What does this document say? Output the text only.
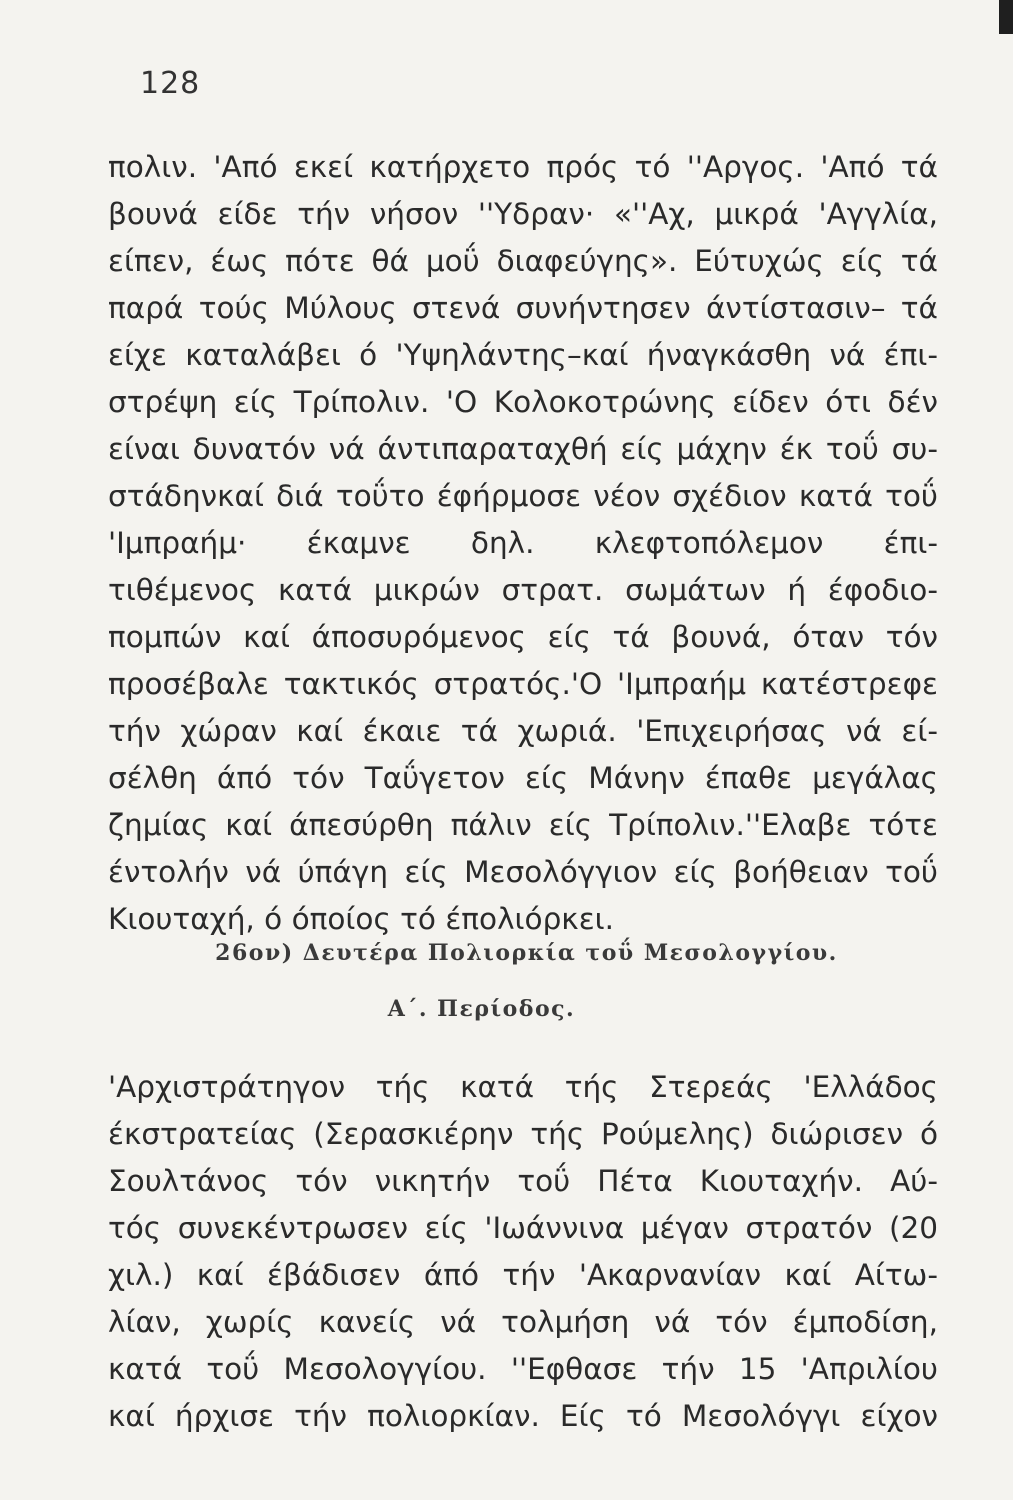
128
πολιν. 'Από εκεί κατήρχετο πρός τό ''Αργος. 'Από τά
βουνά είδε τήν νήσον ''Υδραν· «''Αχ, μικρά 'Αγγλία,
είπεν, έως πότε θά μοΰ διαφεύγης». Εύτυχώς είς τά
παρά τούς Μύλους στενά συνήντησεν άντίστασιν– τά
είχε καταλάβει ό 'Υψηλάντης–καί ήναγκάσθη νά έπι-
στρέψη είς Τρίπολιν. 'Ο Κολοκοτρώνης είδεν ότι δέν
είναι δυνατόν νά άντιπαραταχθή είς μάχην έκ τοΰ συ-
στάδηνκαί διά τοΰτο έφήρμοσε νέον σχέδιον κατά τοΰ
'Ιμπραήμ· έκαμνε δηλ. κλεφτοπόλεμον έπι-
τιθέμενος κατά μικρών στρατ. σωμάτων ή έφοδιο-
πομπών καί άποσυρόμενος είς τά βουνά, όταν τόν
προσέβαλε τακτικός στρατός.'Ο 'Ιμπραήμ κατέστρεφε
τήν χώραν καί έκαιε τά χωριά. 'Επιχειρήσας νά εί-
σέλθη άπό τόν Ταΰγετον είς Μάνην έπαθε μεγάλας
ζημίας καί άπεσύρθη πάλιν είς Τρίπολιν.''Ελαβε τότε
έντολήν νά ύπάγη είς Μεσολόγγιον είς βοήθειαν τοΰ
Κιουταχή, ό όποίος τό έπολιόρκει.
26ον) Δευτέρα Πολιορκία τοΰ Μεσολογγίου.
Α΄. Περίοδος.
'Αρχιστράτηγον τής κατά τής Στερεάς 'Ελλάδος
έκστρατείας (Σερασκιέρην τής Ρούμελης) διώρισεν ό
Σουλτάνος τόν νικητήν τοΰ Πέτα Κιουταχήν. Αύ-
τός συνεκέντρωσεν είς 'Ιωάννινα μέγαν στρατόν (20
χιλ.) καί έβάδισεν άπό τήν 'Ακαρνανίαν καί Αίτω-
λίαν, χωρίς κανείς νά τολμήση νά τόν έμποδίση,
κατά τοΰ Μεσολογγίου. ''Εφθασε τήν 15 'Απριλίου
καί ήρχισε τήν πολιορκίαν. Είς τό Μεσολόγγι είχον
